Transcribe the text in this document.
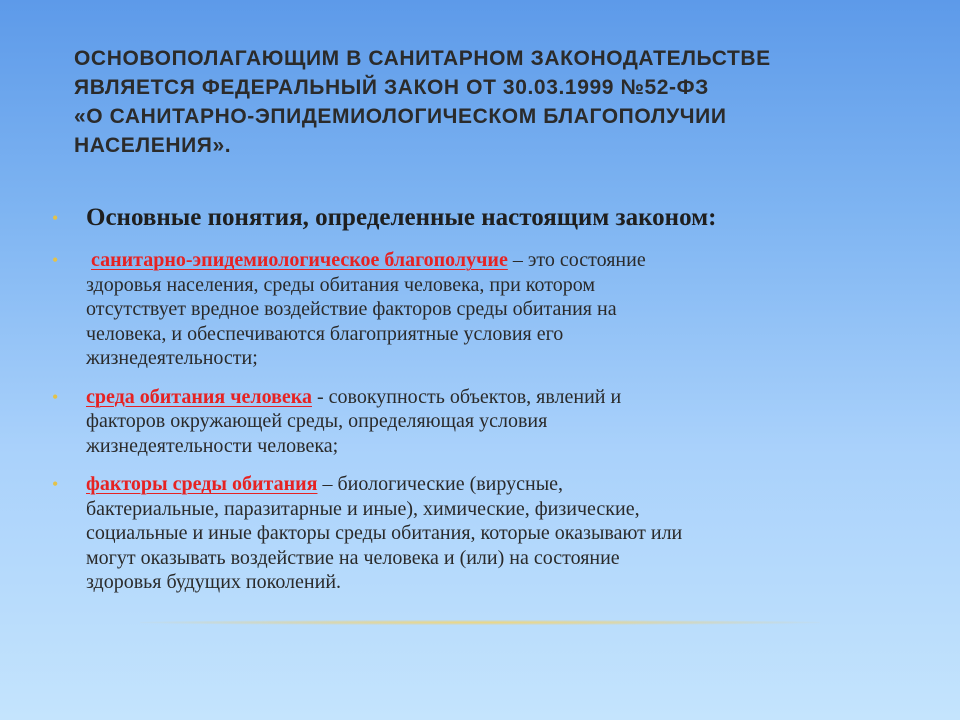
ОСНОВОПОЛАГАЮЩИМ В САНИТАРНОМ ЗАКОНОДАТЕЛЬСТВЕ
ЯВЛЯЕТСЯ ФЕДЕРАЛЬНЫЙ ЗАКОН ОТ 30.03.1999 №52-ФЗ
«О САНИТАРНО-ЭПИДЕМИОЛОГИЧЕСКОМ БЛАГОПОЛУЧИИ
НАСЕЛЕНИЯ».
• Основные понятия, определенные настоящим законом:
• санитарно-эпидемиологическое благополучие – это состояние
здоровья населения, среды обитания человека, при котором
отсутствует вредное воздействие факторов среды обитания на
человека, и обеспечиваются благоприятные условия его
жизнедеятельности;
• среда обитания человека - совокупность объектов, явлений и
факторов окружающей среды, определяющая условия
жизнедеятельности человека;
• факторы среды обитания – биологические (вирусные,
бактериальные, паразитарные и иные), химические, физические,
социальные и иные факторы среды обитания, которые оказывают или
могут оказывать воздействие на человека и (или) на состояние
здоровья будущих поколений.
